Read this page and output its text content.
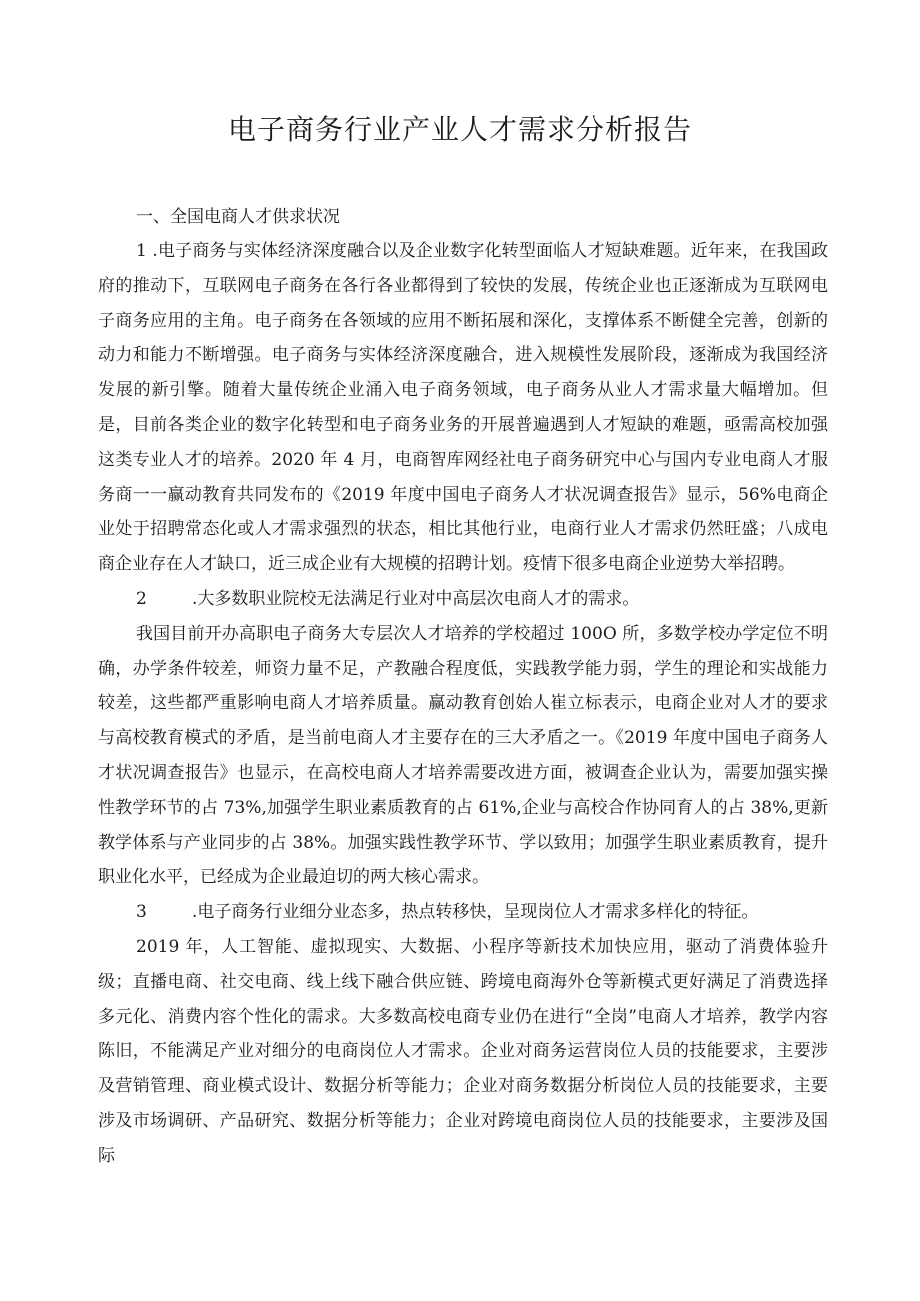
电子商务行业产业人才需求分析报告

一、全国电商人才供求状况

1 .电子商务与实体经济深度融合以及企业数字化转型面临人才短缺难题。近年来，在我国政府的推动下，互联网电子商务在各行各业都得到了较快的发展，传统企业也正逐渐成为互联网电子商务应用的主角。电子商务在各领域的应用不断拓展和深化，支撑体系不断健全完善，创新的动力和能力不断增强。电子商务与实体经济深度融合，进入规模性发展阶段，逐渐成为我国经济发展的新引擎。随着大量传统企业涌入电子商务领域，电子商务从业人才需求量大幅增加。但是，目前各类企业的数字化转型和电子商务业务的开展普遍遇到人才短缺的难题，亟需高校加强这类专业人才的培养。2020 年 4 月，电商智库网经社电子商务研究中心与国内专业电商人才服务商一一赢动教育共同发布的《2019 年度中国电子商务人才状况调查报告》显示，56%电商企业处于招聘常态化或人才需求强烈的状态，相比其他行业，电商行业人才需求仍然旺盛；八成电商企业存在人才缺口，近三成企业有大规模的招聘计划。疫情下很多电商企业逆势大举招聘。

2	.大多数职业院校无法满足行业对中高层次电商人才的需求。

我国目前开办高职电子商务大专层次人才培养的学校超过 100O 所，多数学校办学定位不明确，办学条件较差，师资力量不足，产教融合程度低，实践教学能力弱，学生的理论和实战能力较差，这些都严重影响电商人才培养质量。赢动教育创始人崔立标表示，电商企业对人才的要求与高校教育模式的矛盾，是当前电商人才主要存在的三大矛盾之一。《2019 年度中国电子商务人才状况调查报告》也显示，在高校电商人才培养需要改进方面，被调查企业认为，需要加强实操性教学环节的占 73%,加强学生职业素质教育的占 61%,企业与高校合作协同育人的占 38%,更新教学体系与产业同步的占 38%。加强实践性教学环节、学以致用；加强学生职业素质教育，提升职业化水平，已经成为企业最迫切的两大核心需求。

3	.电子商务行业细分业态多，热点转移快，呈现岗位人才需求多样化的特征。

2019 年，人工智能、虚拟现实、大数据、小程序等新技术加快应用，驱动了消费体验升级；直播电商、社交电商、线上线下融合供应链、跨境电商海外仓等新模式更好满足了消费选择多元化、消费内容个性化的需求。大多数高校电商专业仍在进行“全岗”电商人才培养，教学内容陈旧，不能满足产业对细分的电商岗位人才需求。企业对商务运营岗位人员的技能要求，主要涉及营销管理、商业模式设计、数据分析等能力；企业对商务数据分析岗位人员的技能要求，主要涉及市场调研、产品研究、数据分析等能力；企业对跨境电商岗位人员的技能要求，主要涉及国际
